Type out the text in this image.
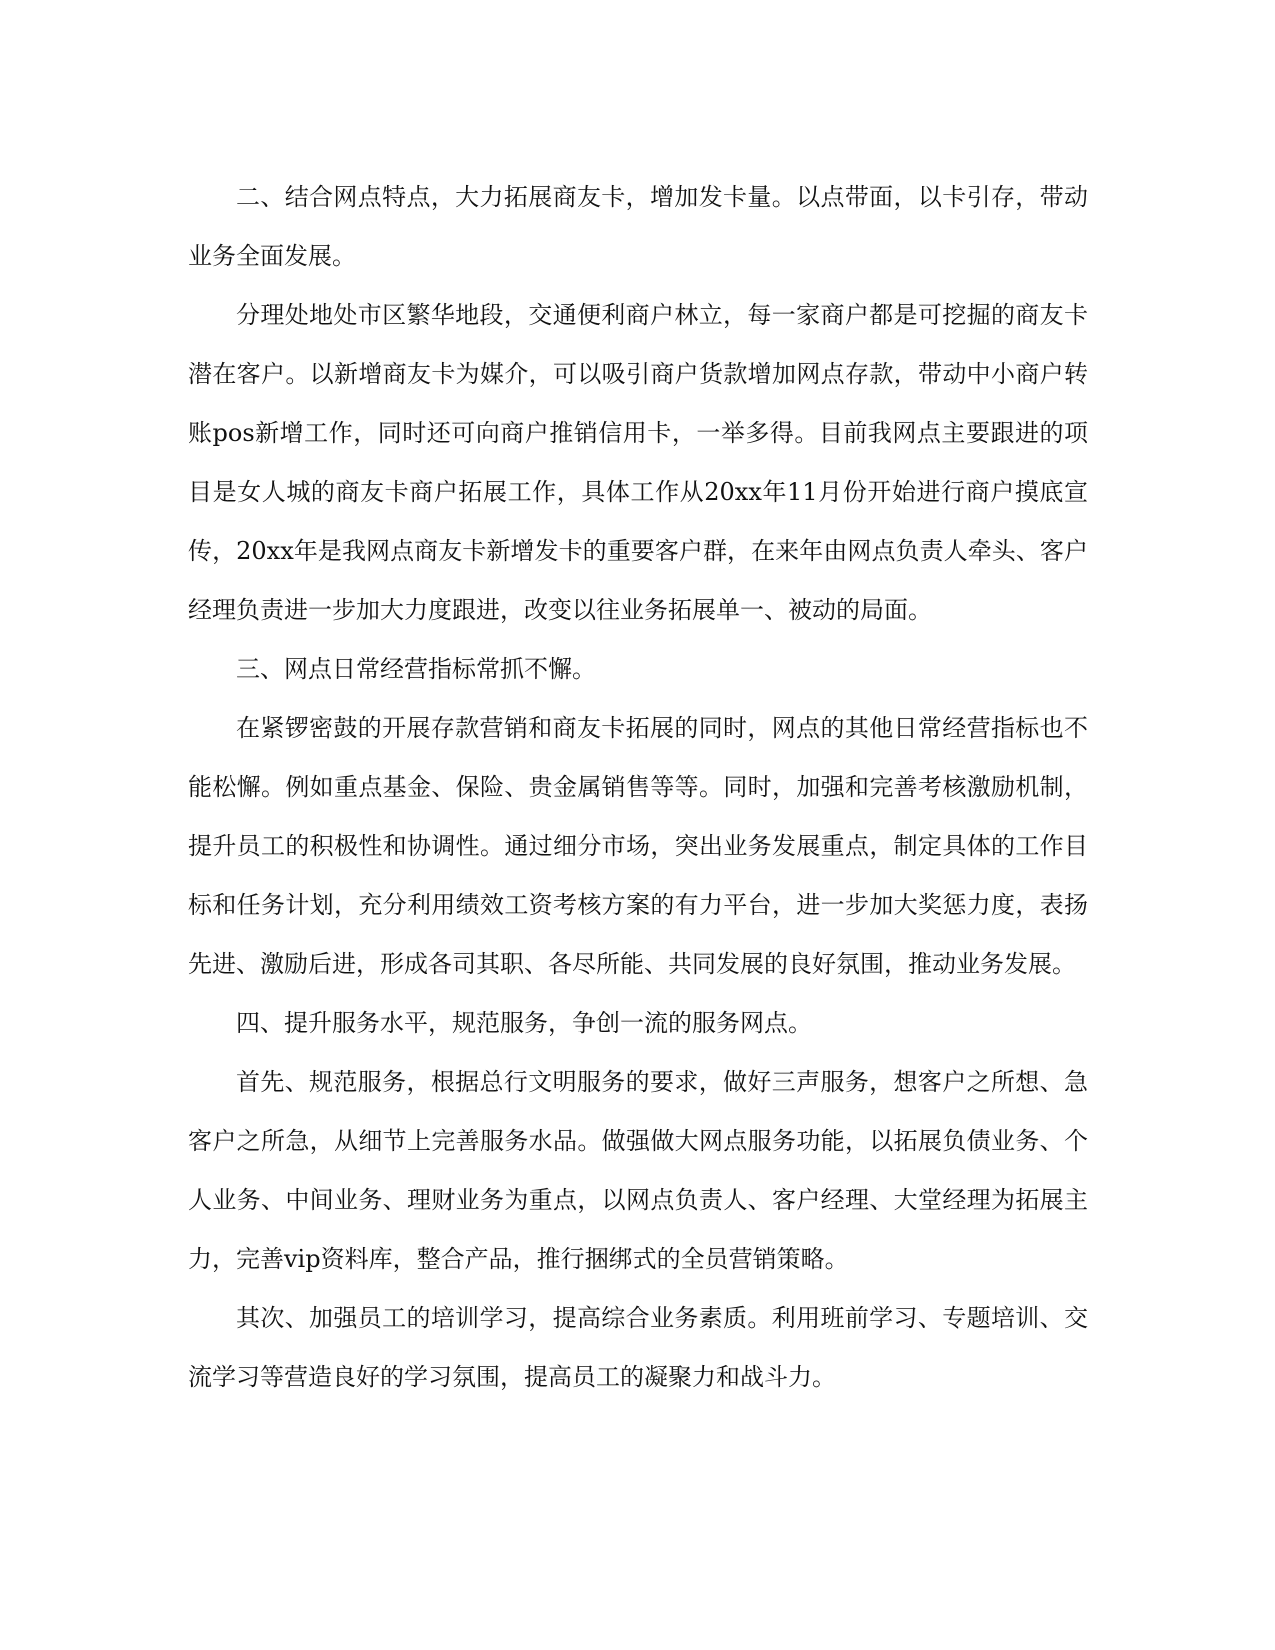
二、结合网点特点，大力拓展商友卡，增加发卡量。以点带面，以卡引存，带动业务全面发展。

分理处地处市区繁华地段，交通便利商户林立，每一家商户都是可挖掘的商友卡潜在客户。以新增商友卡为媒介，可以吸引商户货款增加网点存款，带动中小商户转账pos新增工作，同时还可向商户推销信用卡，一举多得。目前我网点主要跟进的项目是女人城的商友卡商户拓展工作，具体工作从20xx年11月份开始进行商户摸底宣传，20xx年是我网点商友卡新增发卡的重要客户群，在来年由网点负责人牵头、客户经理负责进一步加大力度跟进，改变以往业务拓展单一、被动的局面。

三、网点日常经营指标常抓不懈。

在紧锣密鼓的开展存款营销和商友卡拓展的同时，网点的其他日常经营指标也不能松懈。例如重点基金、保险、贵金属销售等等。同时，加强和完善考核激励机制，提升员工的积极性和协调性。通过细分市场，突出业务发展重点，制定具体的工作目标和任务计划，充分利用绩效工资考核方案的有力平台，进一步加大奖惩力度，表扬先进、激励后进，形成各司其职、各尽所能、共同发展的良好氛围，推动业务发展。

四、提升服务水平，规范服务，争创一流的服务网点。

首先、规范服务，根据总行文明服务的要求，做好三声服务，想客户之所想、急客户之所急，从细节上完善服务水品。做强做大网点服务功能，以拓展负债业务、个人业务、中间业务、理财业务为重点，以网点负责人、客户经理、大堂经理为拓展主力，完善vip资料库，整合产品，推行捆绑式的全员营销策略。

其次、加强员工的培训学习，提高综合业务素质。利用班前学习、专题培训、交流学习等营造良好的学习氛围，提高员工的凝聚力和战斗力。
